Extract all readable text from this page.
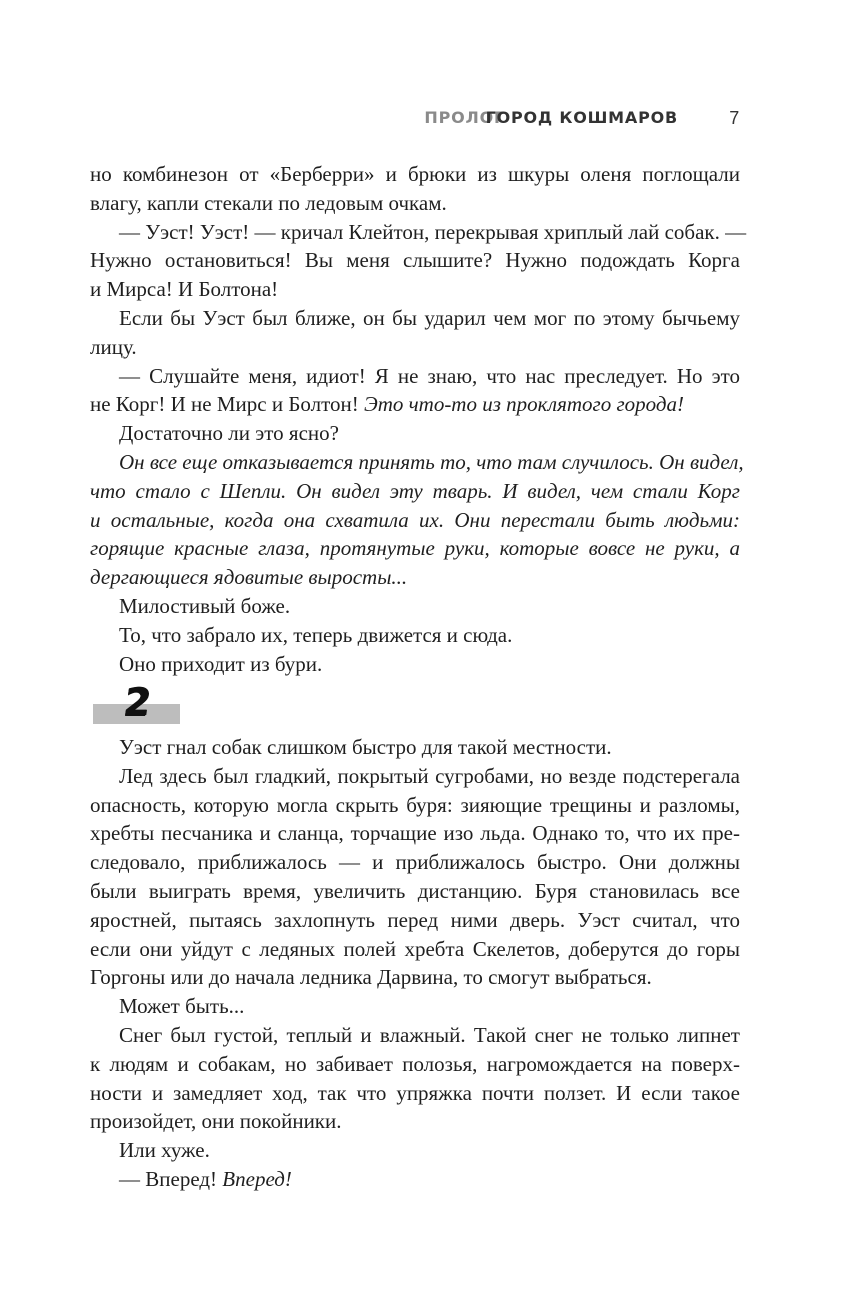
ПРОЛОГ
ГОРОД КОШМАРОВ	7
но комбинезон от «Берберри» и брюки из шкуры оленя поглощали
влагу, капли стекали по ледовым очкам.
— Уэст! Уэст! — кричал Клейтон, перекрывая хриплый лай собак. —
Нужно остановиться! Вы меня слышите? Нужно подождать Корга
и Мирса! И Болтона!
Если бы Уэст был ближе, он бы ударил чем мог по этому бычьему
лицу.
— Слушайте меня, идиот! Я не знаю, что нас преследует. Но это
не Корг! И не Мирс и Болтон! Это что-то из проклятого города!
Достаточно ли это ясно?
Он все еще отказывается принять то, что там случилось. Он видел,
что стало с Шепли. Он видел эту тварь. И видел, чем стали Корг
и остальные, когда она схватила их. Они перестали быть людьми:
горящие красные глаза, протянутые руки, которые вовсе не руки, а
дергающиеся ядовитые выросты...
Милостивый боже.
То, что забрало их, теперь движется и сюда.
Оно приходит из бури.
2
Уэст гнал собак слишком быстро для такой местности.
Лед здесь был гладкий, покрытый сугробами, но везде подстерегала
опасность, которую могла скрыть буря: зияющие трещины и разломы,
хребты песчаника и сланца, торчащие изо льда. Однако то, что их пре-
следовало, приближалось — и приближалось быстро. Они должны
были выиграть время, увеличить дистанцию. Буря становилась все
яростней, пытаясь захлопнуть перед ними дверь. Уэст считал, что
если они уйдут с ледяных полей хребта Скелетов, доберутся до горы
Горгоны или до начала ледника Дарвина, то смогут выбраться.
Может быть...
Снег был густой, теплый и влажный. Такой снег не только липнет
к людям и собакам, но забивает полозья, нагромождается на поверх-
ности и замедляет ход, так что упряжка почти ползет. И если такое
произойдет, они покойники.
Или хуже.
— Вперед! Вперед!
